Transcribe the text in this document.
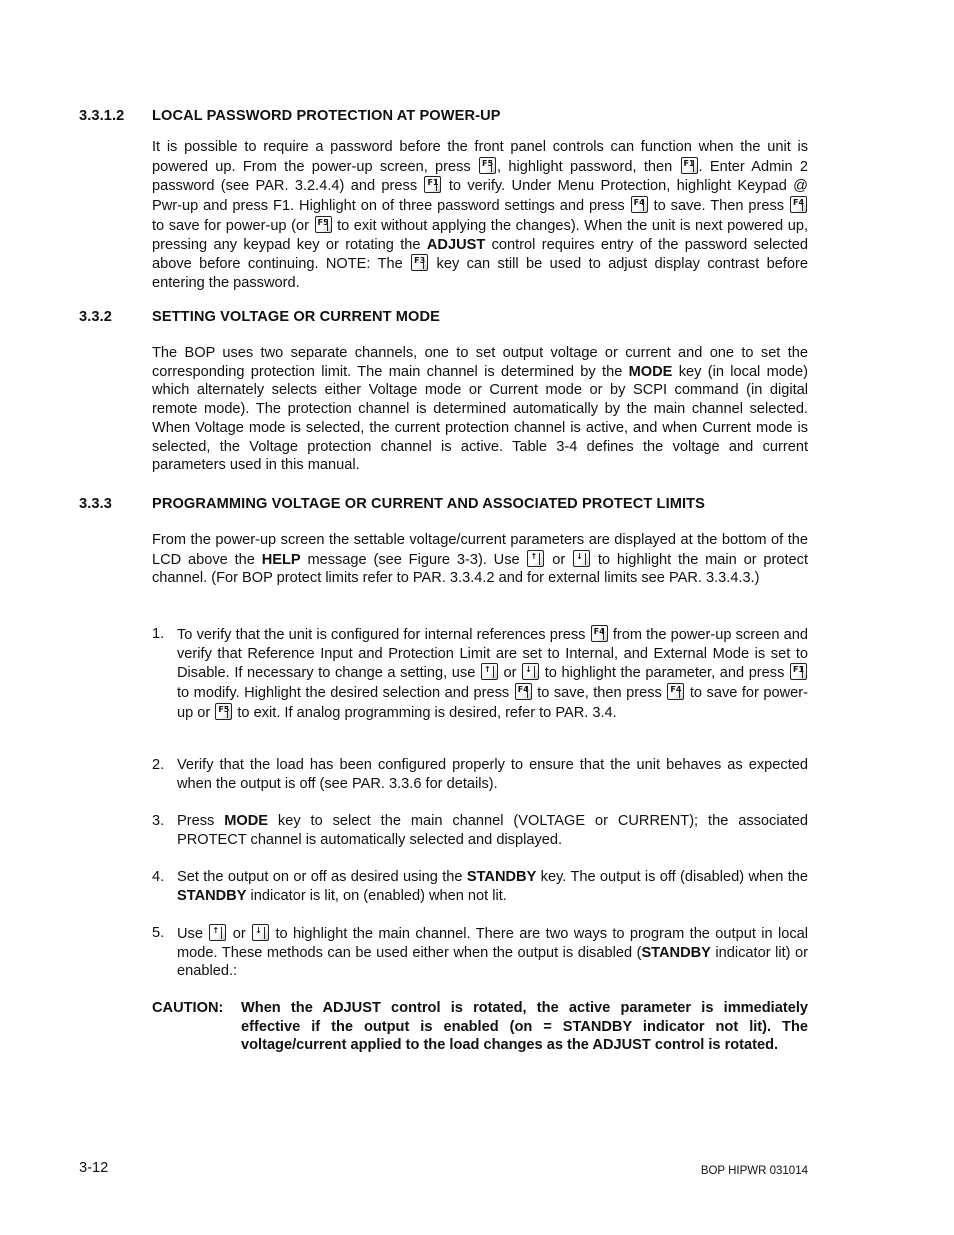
3.3.1.2 LOCAL PASSWORD PROTECTION AT POWER-UP

It is possible to require a password before the front panel controls can function when the unit is powered up. From the power-up screen, press F5 , highlight password, then F1 . Enter Admin 2 password (see PAR. 3.2.4.4) and press F1 to verify. Under Menu Protection, highlight Keypad @ Pwr-up and press F1. Highlight on of three password settings and press F4 to save. Then press F4
to save for power-up (or F5 to exit without applying the changes). When the unit is next powered up, pressing any keypad key or rotating the ADJUST control requires entry of the password selected above before continuing. NOTE: The F3 key can still be used to adjust display contrast before entering the password.

3.3.2	SETTING VOLTAGE OR CURRENT MODE

The BOP uses two separate channels, one to set output voltage or current and one to set the corresponding protection limit. The main channel is determined by the MODE key (in local mode) which alternately selects either Voltage mode or Current mode or by SCPI command (in digital remote mode). The protection channel is determined automatically by the main channel selected. When Voltage mode is selected, the current protection channel is active, and when Current mode is selected, the Voltage protection channel is active. Table 3-4 defines the voltage and current parameters used in this manual.

3.3.3	PROGRAMMING VOLTAGE OR CURRENT AND ASSOCIATED PROTECT LIMITS

From the power-up screen the settable voltage/current parameters are displayed at the bottom of the LCD above the HELP message (see Figure 3-3). Use ↑ or ↓ to highlight the main or protect channel. (For BOP protect limits refer to PAR. 3.3.4.2 and for external limits see PAR. 3.3.4.3.)

1. To verify that the unit is configured for internal references press F4 from the power-up screen and verify that Reference Input and Protection Limit are set to Internal, and External Mode is set to Disable. If necessary to change a setting, use ↑ or ↓ to highlight the parameter, and press F1
to modify. Highlight the desired selection and press F4 to save, then press F4 to save for power-up or F5 to exit. If analog programming is desired, refer to PAR. 3.4.
2. Verify that the load has been configured properly to ensure that the unit behaves as expected when the output is off (see PAR. 3.3.6 for details).
3. Press MODE key to select the main channel (VOLTAGE or CURRENT); the associated PROTECT channel is automatically selected and displayed.
4. Set the output on or off as desired using the STANDBY key. The output is off (disabled) when the STANDBY indicator is lit, on (enabled) when not lit.
5. Use ↑ or ↓ to highlight the main channel. There are two ways to program the output in local mode. These methods can be used either when the output is disabled (STANDBY indicator lit) or enabled.:
CAUTION: When the ADJUST control is rotated, the active parameter is immediately effective if the output is enabled (on = STANDBY indicator not lit). The voltage/current applied to the load changes as the ADJUST control is rotated.
3-12	BOP HIPWR 031014
